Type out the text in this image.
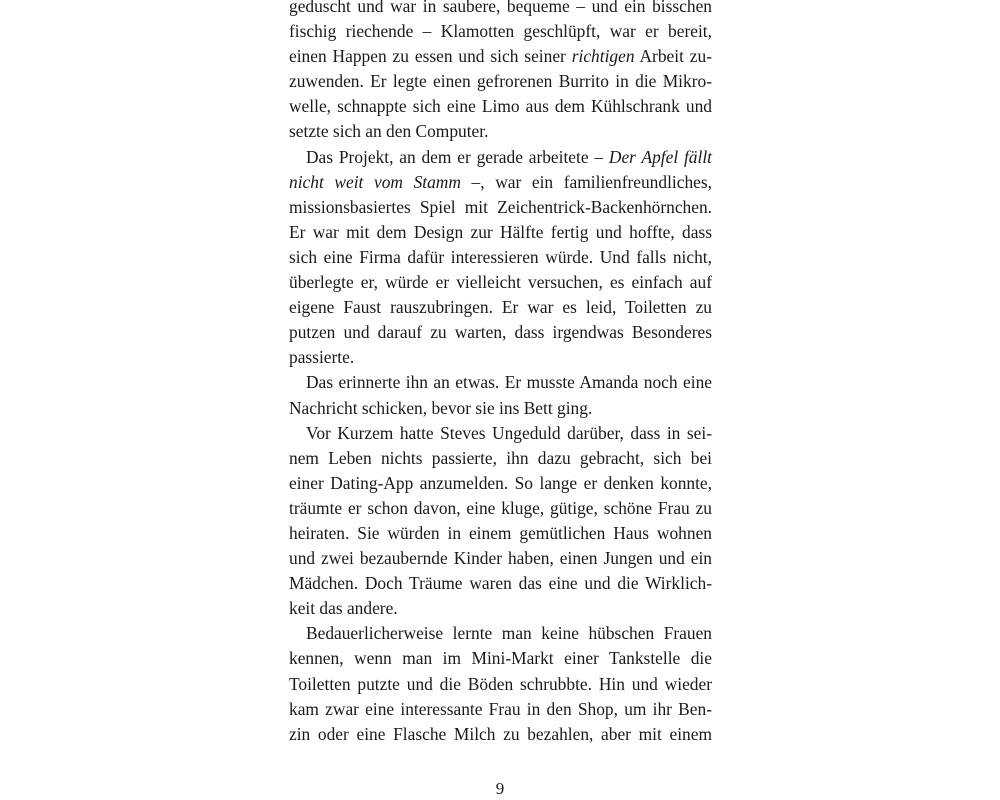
geduscht und war in saubere, bequeme – und ein bisschen
fischig riechende – Klamotten geschlüpft, war er bereit,
einen Happen zu essen und sich seiner richtigen Arbeit zu-
zuwenden. Er legte einen gefrorenen Burrito in die Mikro-
welle, schnappte sich eine Limo aus dem Kühlschrank und
setzte sich an den Computer.
Das Projekt, an dem er gerade arbeitete – Der Apfel fällt
nicht weit vom Stamm –, war ein familienfreundliches,
missionsbasiertes Spiel mit Zeichentrick-Backenhörnchen.
Er war mit dem Design zur Hälfte fertig und hoffte, dass
sich eine Firma dafür interessieren würde. Und falls nicht,
überlegte er, würde er vielleicht versuchen, es einfach auf
eigene Faust rauszubringen. Er war es leid, Toiletten zu
putzen und darauf zu warten, dass irgendwas Besonderes
passierte.
Das erinnerte ihn an etwas. Er musste Amanda noch eine
Nachricht schicken, bevor sie ins Bett ging.
Vor Kurzem hatte Steves Ungeduld darüber, dass in sei-
nem Leben nichts passierte, ihn dazu gebracht, sich bei
einer Dating-App anzumelden. So lange er denken konnte,
träumte er schon davon, eine kluge, gütige, schöne Frau zu
heiraten. Sie würden in einem gemütlichen Haus wohnen
und zwei bezaubernde Kinder haben, einen Jungen und ein
Mädchen. Doch Träume waren das eine und die Wirklich-
keit das andere.
Bedauerlicherweise lernte man keine hübschen Frauen
kennen, wenn man im Mini-Markt einer Tankstelle die
Toiletten putzte und die Böden schrubbte. Hin und wieder
kam zwar eine interessante Frau in den Shop, um ihr Ben-
zin oder eine Flasche Milch zu bezahlen, aber mit einem
9
